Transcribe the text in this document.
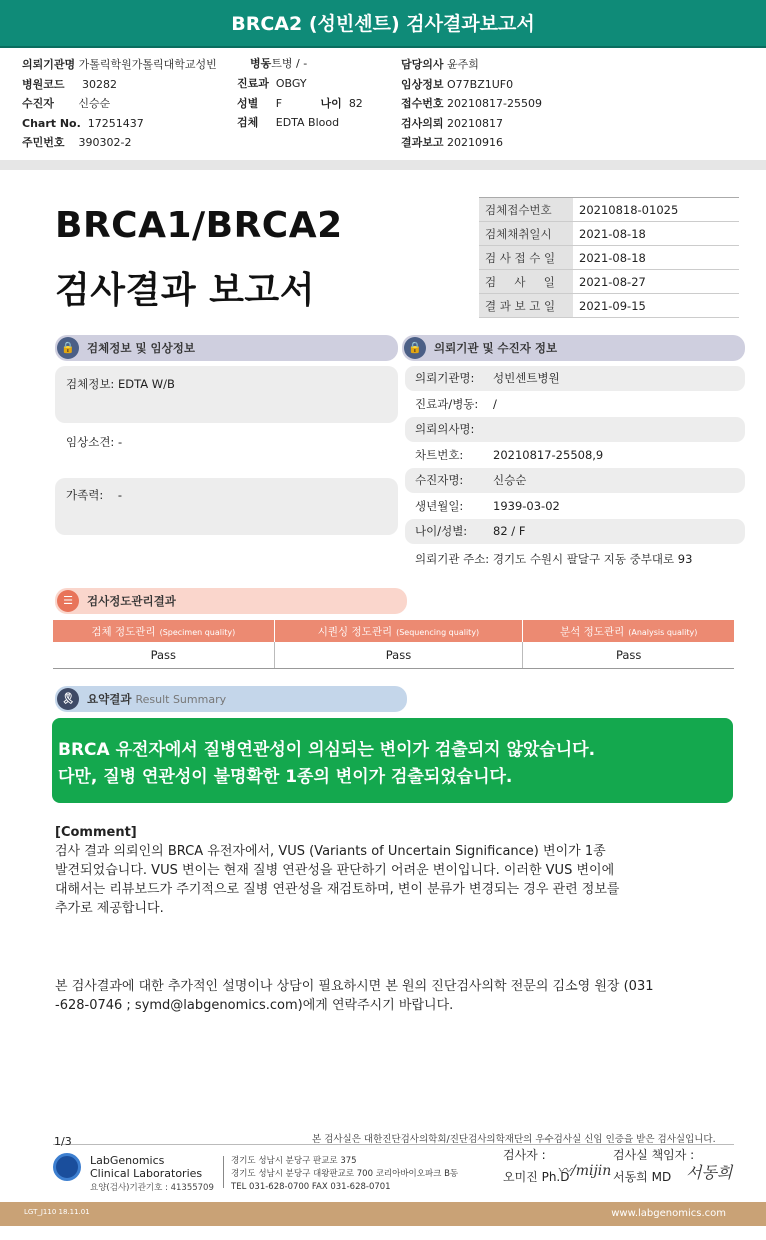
BRCA2 (성빈센트) 검사결과보고서
의뢰기관명 가톨릭학원가톨릭대학교성빈
병원코드 30282
수진자 신승순
Chart No. 17251437
주민번호 390302-2
병동트병 / -
진료과 OBGY
성별 F	나이 82
검체 EDTA Blood
담당의사 윤주희
임상정보 O77BZ1UF0
접수번호 20210817-25509
검사의뢰 20210817
결과보고 20210916
BRCA1/BRCA2
검사결과 보고서
검체접수번호	20210818-01025
검체채취일시	2021-08-18
검 사 접 수 일	2021-08-18
검     사     일	2021-08-27
결 과 보 고 일	2021-09-15
🔒	검체정보 및 임상정보
검체정보: EDTA W/B
임상소견: -
가족력: -
🔒	의뢰기관 및 수진자 정보
의뢰기관명: 성빈센트병원
진료과/병동: /
의뢰의사명:
차트번호:	20210817-25508,9
수진자명:	신승순
생년월일:	1939-03-02
나이/성별: 82 / F
의뢰기관 주소: 경기도 수원시 팔달구 지동 중부대로 93
☰	검사정도관리결과
검체 정도관리 (Specimen quality)	시퀀싱 정도관리 (Sequencing quality)	분석 정도관리 (Analysis quality)
Pass	Pass	Pass
🎗	요약결과 Result Summary
BRCA 유전자에서 질병연관성이 의심되는 변이가 검출되지 않았습니다.
다만, 질병 연관성이 불명확한 1종의 변이가 검출되었습니다.
[Comment]
검사 결과 의뢰인의 BRCA 유전자에서, VUS (Variants of Uncertain Significance) 변이가 1종
발견되었습니다. VUS 변이는 현재 질병 연관성을 판단하기 어려운 변이입니다. 이러한 VUS 변이에
대해서는 리뷰보드가 주기적으로 질병 연관성을 재검토하며, 변이 분류가 변경되는 경우 관련 정보를
추가로 제공합니다.
본 검사결과에 대한 추가적인 설명이나 상담이 필요하시면 본 원의 진단검사의학 전문의 김소영 원장 (031
-628-0746 ; symd@labgenomics.com)에게 연락주시기 바랍니다.
본 검사실은 대한진단검사의학회/진단검사의학재단의 우수검사실 신임 인증을 받은 검사실입니다.
1/3
LabGenomics
Clinical Laboratories
요양(검사)기관기호 : 41355709
경기도 성남시 분당구 판교로 375
경기도 성남시 분당구 대왕판교로 700 코리아바이오파크 B동
TEL 031-628-0700 FAX 031-628-0701
검사자 :	검사실 책임자 :
오미진 Ph.D
〰/mijin 서동희 MD 서동희
LGT_J110 18.11.01	www.labgenomics.com
